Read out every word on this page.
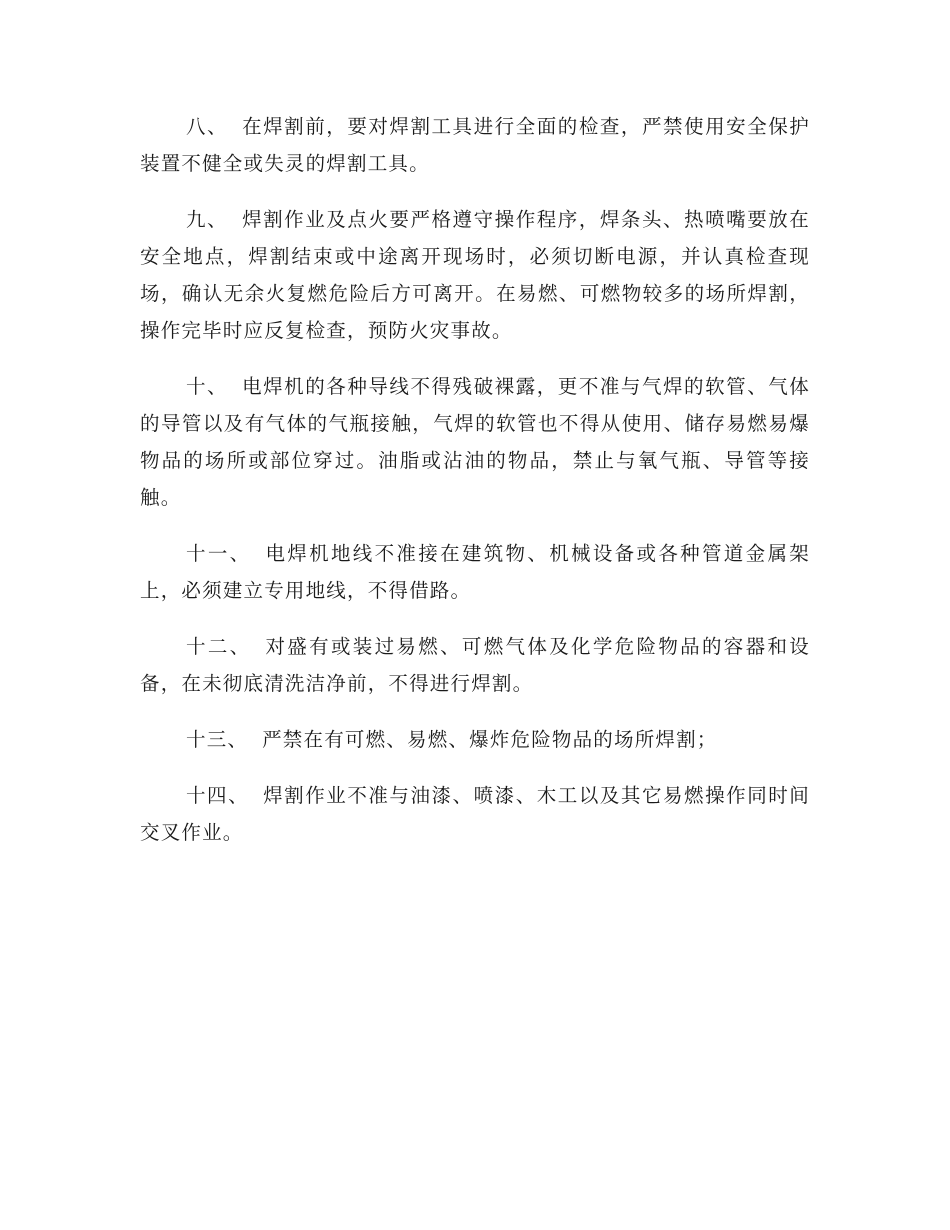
八、 在焊割前，要对焊割工具进行全面的检查，严禁使用安全保护装置不健全或失灵的焊割工具。

九、 焊割作业及点火要严格遵守操作程序，焊条头、热喷嘴要放在安全地点，焊割结束或中途离开现场时，必须切断电源，并认真检查现场，确认无余火复燃危险后方可离开。在易燃、可燃物较多的场所焊割，操作完毕时应反复检查，预防火灾事故。

十、 电焊机的各种导线不得残破裸露，更不准与气焊的软管、气体的导管以及有气体的气瓶接触，气焊的软管也不得从使用、储存易燃易爆物品的场所或部位穿过。油脂或沾油的物品，禁止与氧气瓶、导管等接触。

十一、 电焊机地线不准接在建筑物、机械设备或各种管道金属架上，必须建立专用地线，不得借路。

十二、 对盛有或装过易燃、可燃气体及化学危险物品的容器和设备，在未彻底清洗洁净前，不得进行焊割。

十三、 严禁在有可燃、易燃、爆炸危险物品的场所焊割；

十四、 焊割作业不准与油漆、喷漆、木工以及其它易燃操作同时间交叉作业。
